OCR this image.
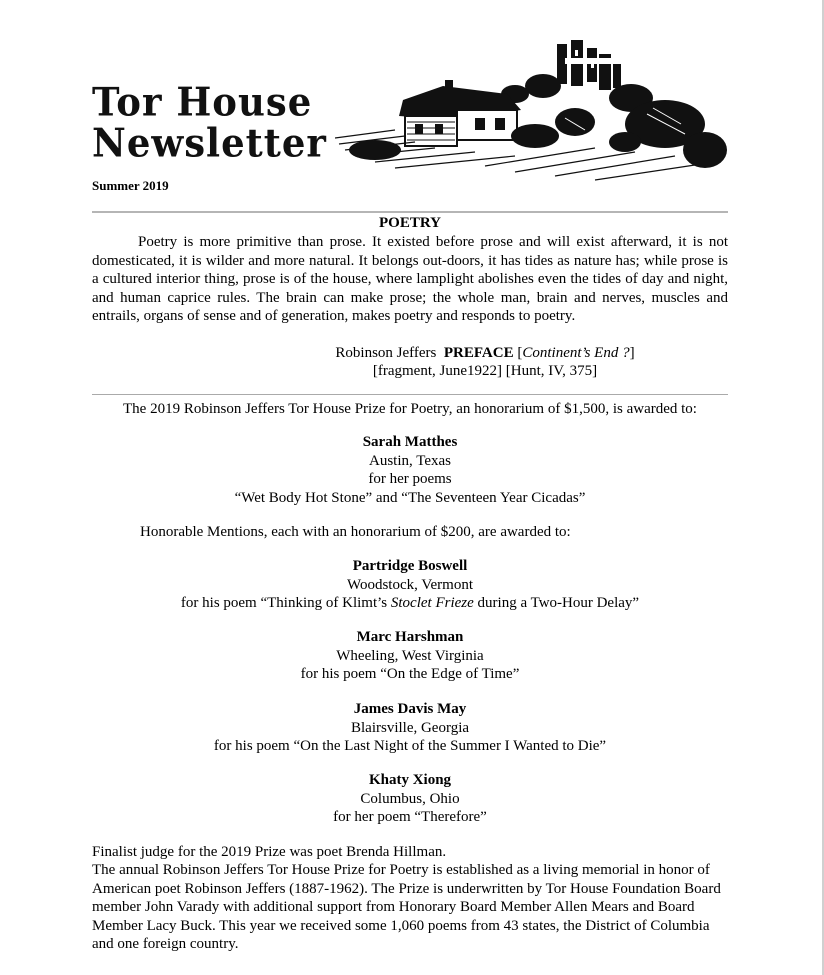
Tor House
Newsletter
Summer 2019
POETRY
Poetry is more primitive than prose. It existed before prose and will exist afterward, it is not domesticated, it is wilder and more natural. It belongs out-doors, it has tides as nature has; while prose is a cultured interior thing, prose is of the house, where lamplight abolishes even the tides of day and night, and human caprice rules. The brain can make prose; the whole man, brain and nerves, muscles and entrails, organs of sense and of generation, makes poetry and responds to poetry.
Robinson Jeffers PREFACE [Continent’s End ?]
[fragment, June1922] [Hunt, IV, 375]
The 2019 Robinson Jeffers Tor House Prize for Poetry, an honorarium of $1,500, is awarded to:
Sarah Matthes
Austin, Texas
for her poems
“Wet Body Hot Stone” and “The Seventeen Year Cicadas”
Honorable Mentions, each with an honorarium of $200, are awarded to:
Partridge Boswell
Woodstock, Vermont
for his poem “Thinking of Klimt’s Stoclet Frieze during a Two-Hour Delay”
Marc Harshman
Wheeling, West Virginia
for his poem “On the Edge of Time”
James Davis May
Blairsville, Georgia
for his poem “On the Last Night of the Summer I Wanted to Die”
Khaty Xiong
Columbus, Ohio
for her poem “Therefore”
Finalist judge for the 2019 Prize was poet Brenda Hillman.
The annual Robinson Jeffers Tor House Prize for Poetry is established as a living memorial in honor of American poet Robinson Jeffers (1887-1962). The Prize is underwritten by Tor House Foundation Board member John Varady with additional support from Honorary Board Member Allen Mears and Board Member Lacy Buck. This year we received some 1,060 poems from 43 states, the District of Columbia and one foreign country.
